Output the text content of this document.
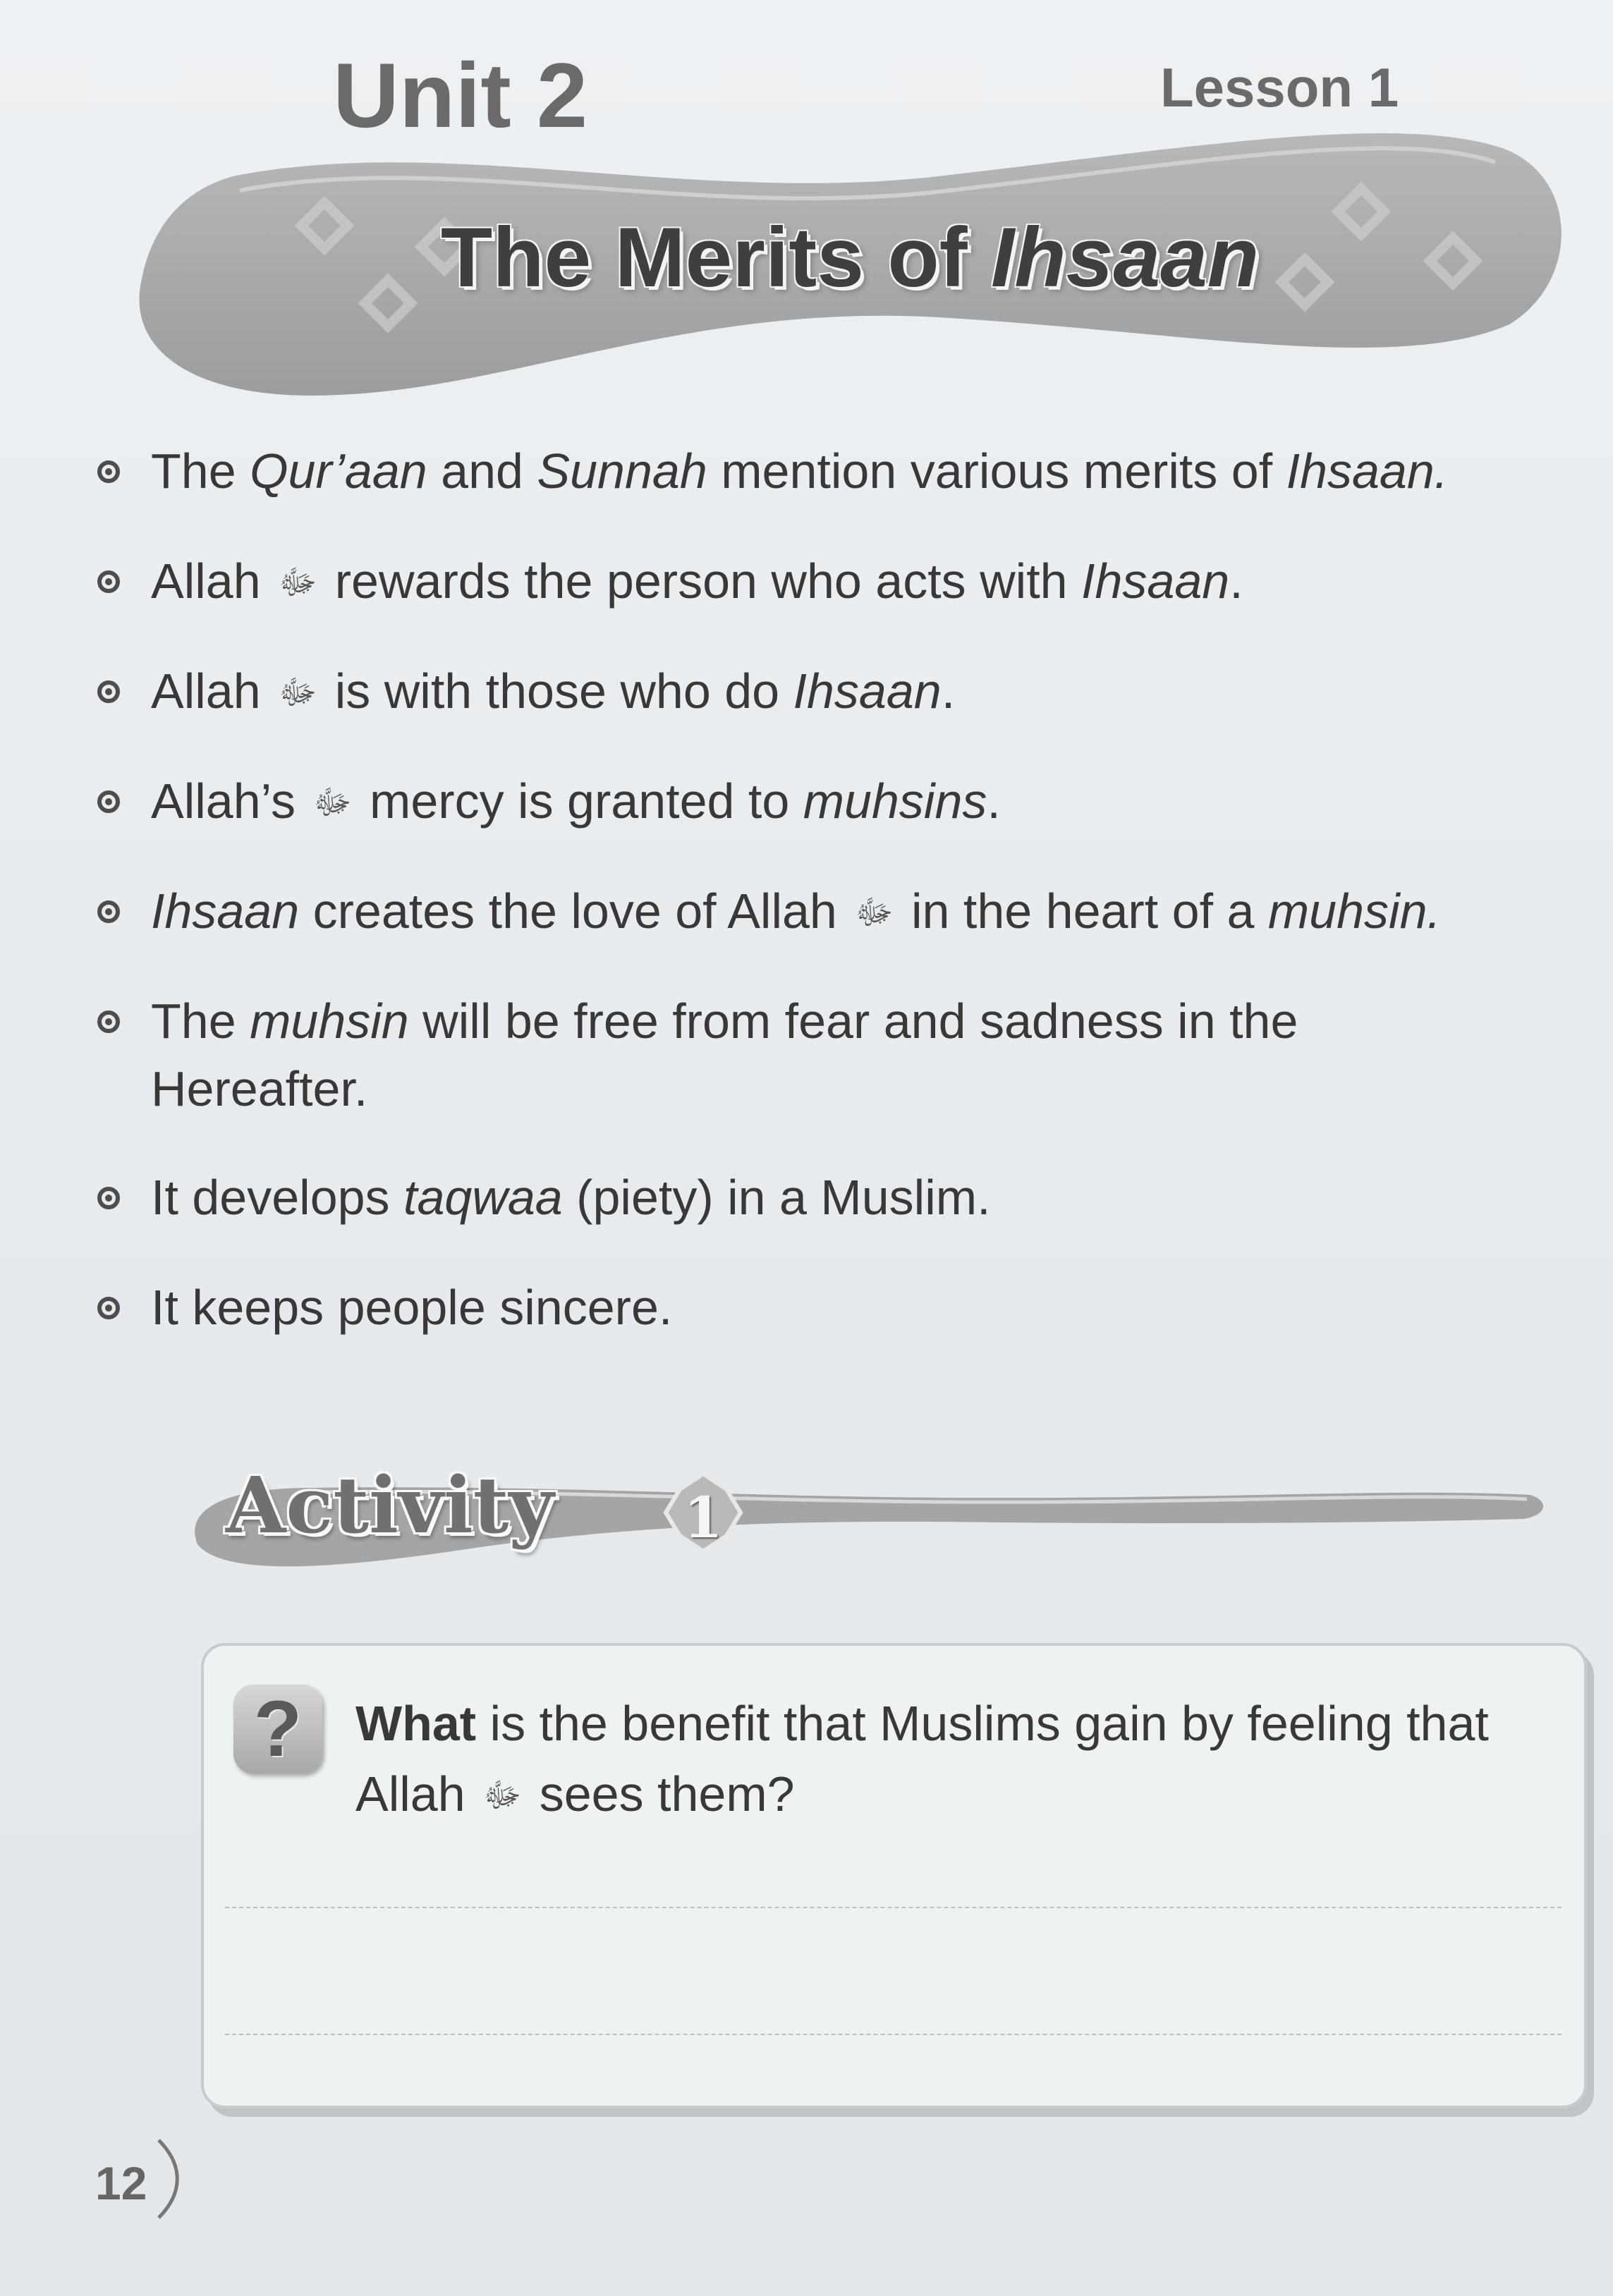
Unit 2	Lesson 1
The Merits of Ihsaan
The Qur’aan and Sunnah mention various merits of Ihsaan.
Allah ﷻ rewards the person who acts with Ihsaan.
Allah ﷻ is with those who do Ihsaan.
Allah’s ﷻ mercy is granted to muhsins.
Ihsaan creates the love of Allah ﷻ in the heart of a muhsin.
The muhsin will be free from fear and sadness in the Hereafter.
It develops taqwaa (piety) in a Muslim.
It keeps people sincere.
Activity 1
?	What is the benefit that Muslims gain by feeling that Allah ﷻ sees them?
12
